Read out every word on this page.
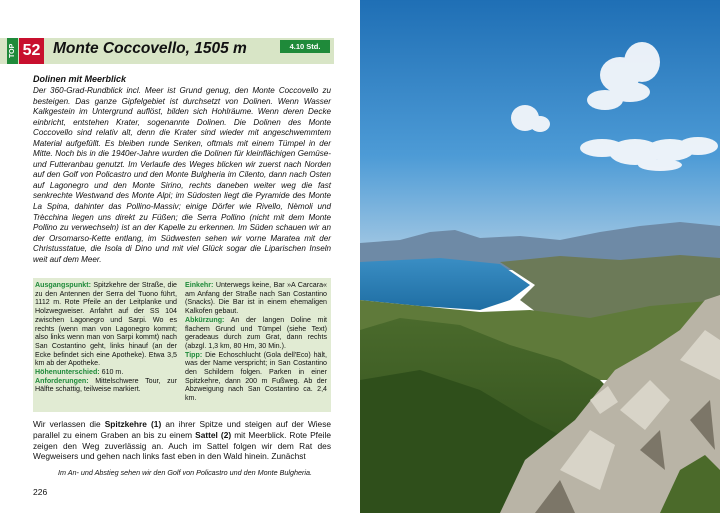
TOP 52 Monte Coccovello, 1505 m	4.10 Std.
Dolinen mit Meerblick
Der 360-Grad-Rundblick incl. Meer ist Grund genug, den Monte Coccovello zu besteigen. Das ganze Gipfelgebiet ist durchsetzt von Dolinen. Wenn Wasser Kalkgestein im Untergrund auflöst, bilden sich Hohlräume. Wenn deren Decke einbricht, entstehen Krater, sogenannte Dolinen. Die Dolinen des Monte Coccovello sind relativ alt, denn die Krater sind wieder mit angeschwemmtem Material aufgefüllt. Es bleiben runde Senken, oftmals mit einem Tümpel in der Mitte. Noch bis in die 1940er-Jahre wurden die Dolinen für kleinflächigen Gemüse- und Futteranbau genutzt. Im Verlaufe des Weges blicken wir zuerst nach Norden auf den Golf von Policastro und den Monte Bulgheria im Cilento, dann nach Osten auf Lagonegro und den Monte Sirino, rechts daneben weiter weg die fast senkrechte Westwand des Monte Alpi; im Südosten liegt die Pyramide des Monte La Spina, dahinter das Pollino-Massiv; einige Dörfer wie Rivello, Nèmoli und Trècchina liegen uns direkt zu Füßen; die Serra Pollino (nicht mit dem Monte Pollino zu verwechseln) ist an der Kapelle zu erkennen. Im Süden schauen wir an der Orsomarso-Kette entlang, im Südwesten sehen wir vorne Maratea mit der Christusstatue, die Isola di Dino und mit viel Glück sogar die Liparischen Inseln weit auf dem Meer.
Ausgangspunkt: Spitzkehre der Straße, die zu den Antennen der Serra del Tuono führt, 1112 m. Rote Pfeile an der Leitplanke und Holzwegweiser. Anfahrt auf der SS 104 zwischen Lagonegro und Sarpi. Wo es rechts (wenn man von Lagonegro kommt; also links wenn man von Sarpi kommt) nach San Costantino geht, links hinauf (an der Ecke befindet sich eine Apotheke). Etwa 3,5 km ab der Apotheke.
Höhenunterschied: 610 m.
Anforderungen: Mittelschwere Tour, zur Hälfte schattig, teilweise markiert.
Einkehr: Unterwegs keine, Bar »A Carcara« am Anfang der Straße nach San Costantino (Snacks). Die Bar ist in einem ehemaligen Kalkofen gebaut.
Abkürzung: An der langen Doline mit flachem Grund und Tümpel (siehe Text) geradeaus durch zum Grat, dann rechts (abzgl. 1,3 km, 80 Hm, 30 Min.).
Tipp: Die Echoschlucht (Gola dell'Eco) hält, was der Name verspricht; in San Costantino den Schildern folgen. Parken in einer Spitzkehre, dann 200 m Fußweg. Ab der Abzweigung nach San Costantino ca. 2,4 km.
Wir verlassen die Spitzkehre (1) an ihrer Spitze und steigen auf der Wiese parallel zu einem Graben an bis zu einem Sattel (2) mit Meerblick. Rote Pfeile zeigen den Weg zuverlässig an. Auch im Sattel folgen wir dem Rat des Wegweisers und gehen nach links fast eben in den Wald hinein. Zunächst
Im An- und Abstieg sehen wir den Golf von Policastro und den Monte Bulgheria.
226
